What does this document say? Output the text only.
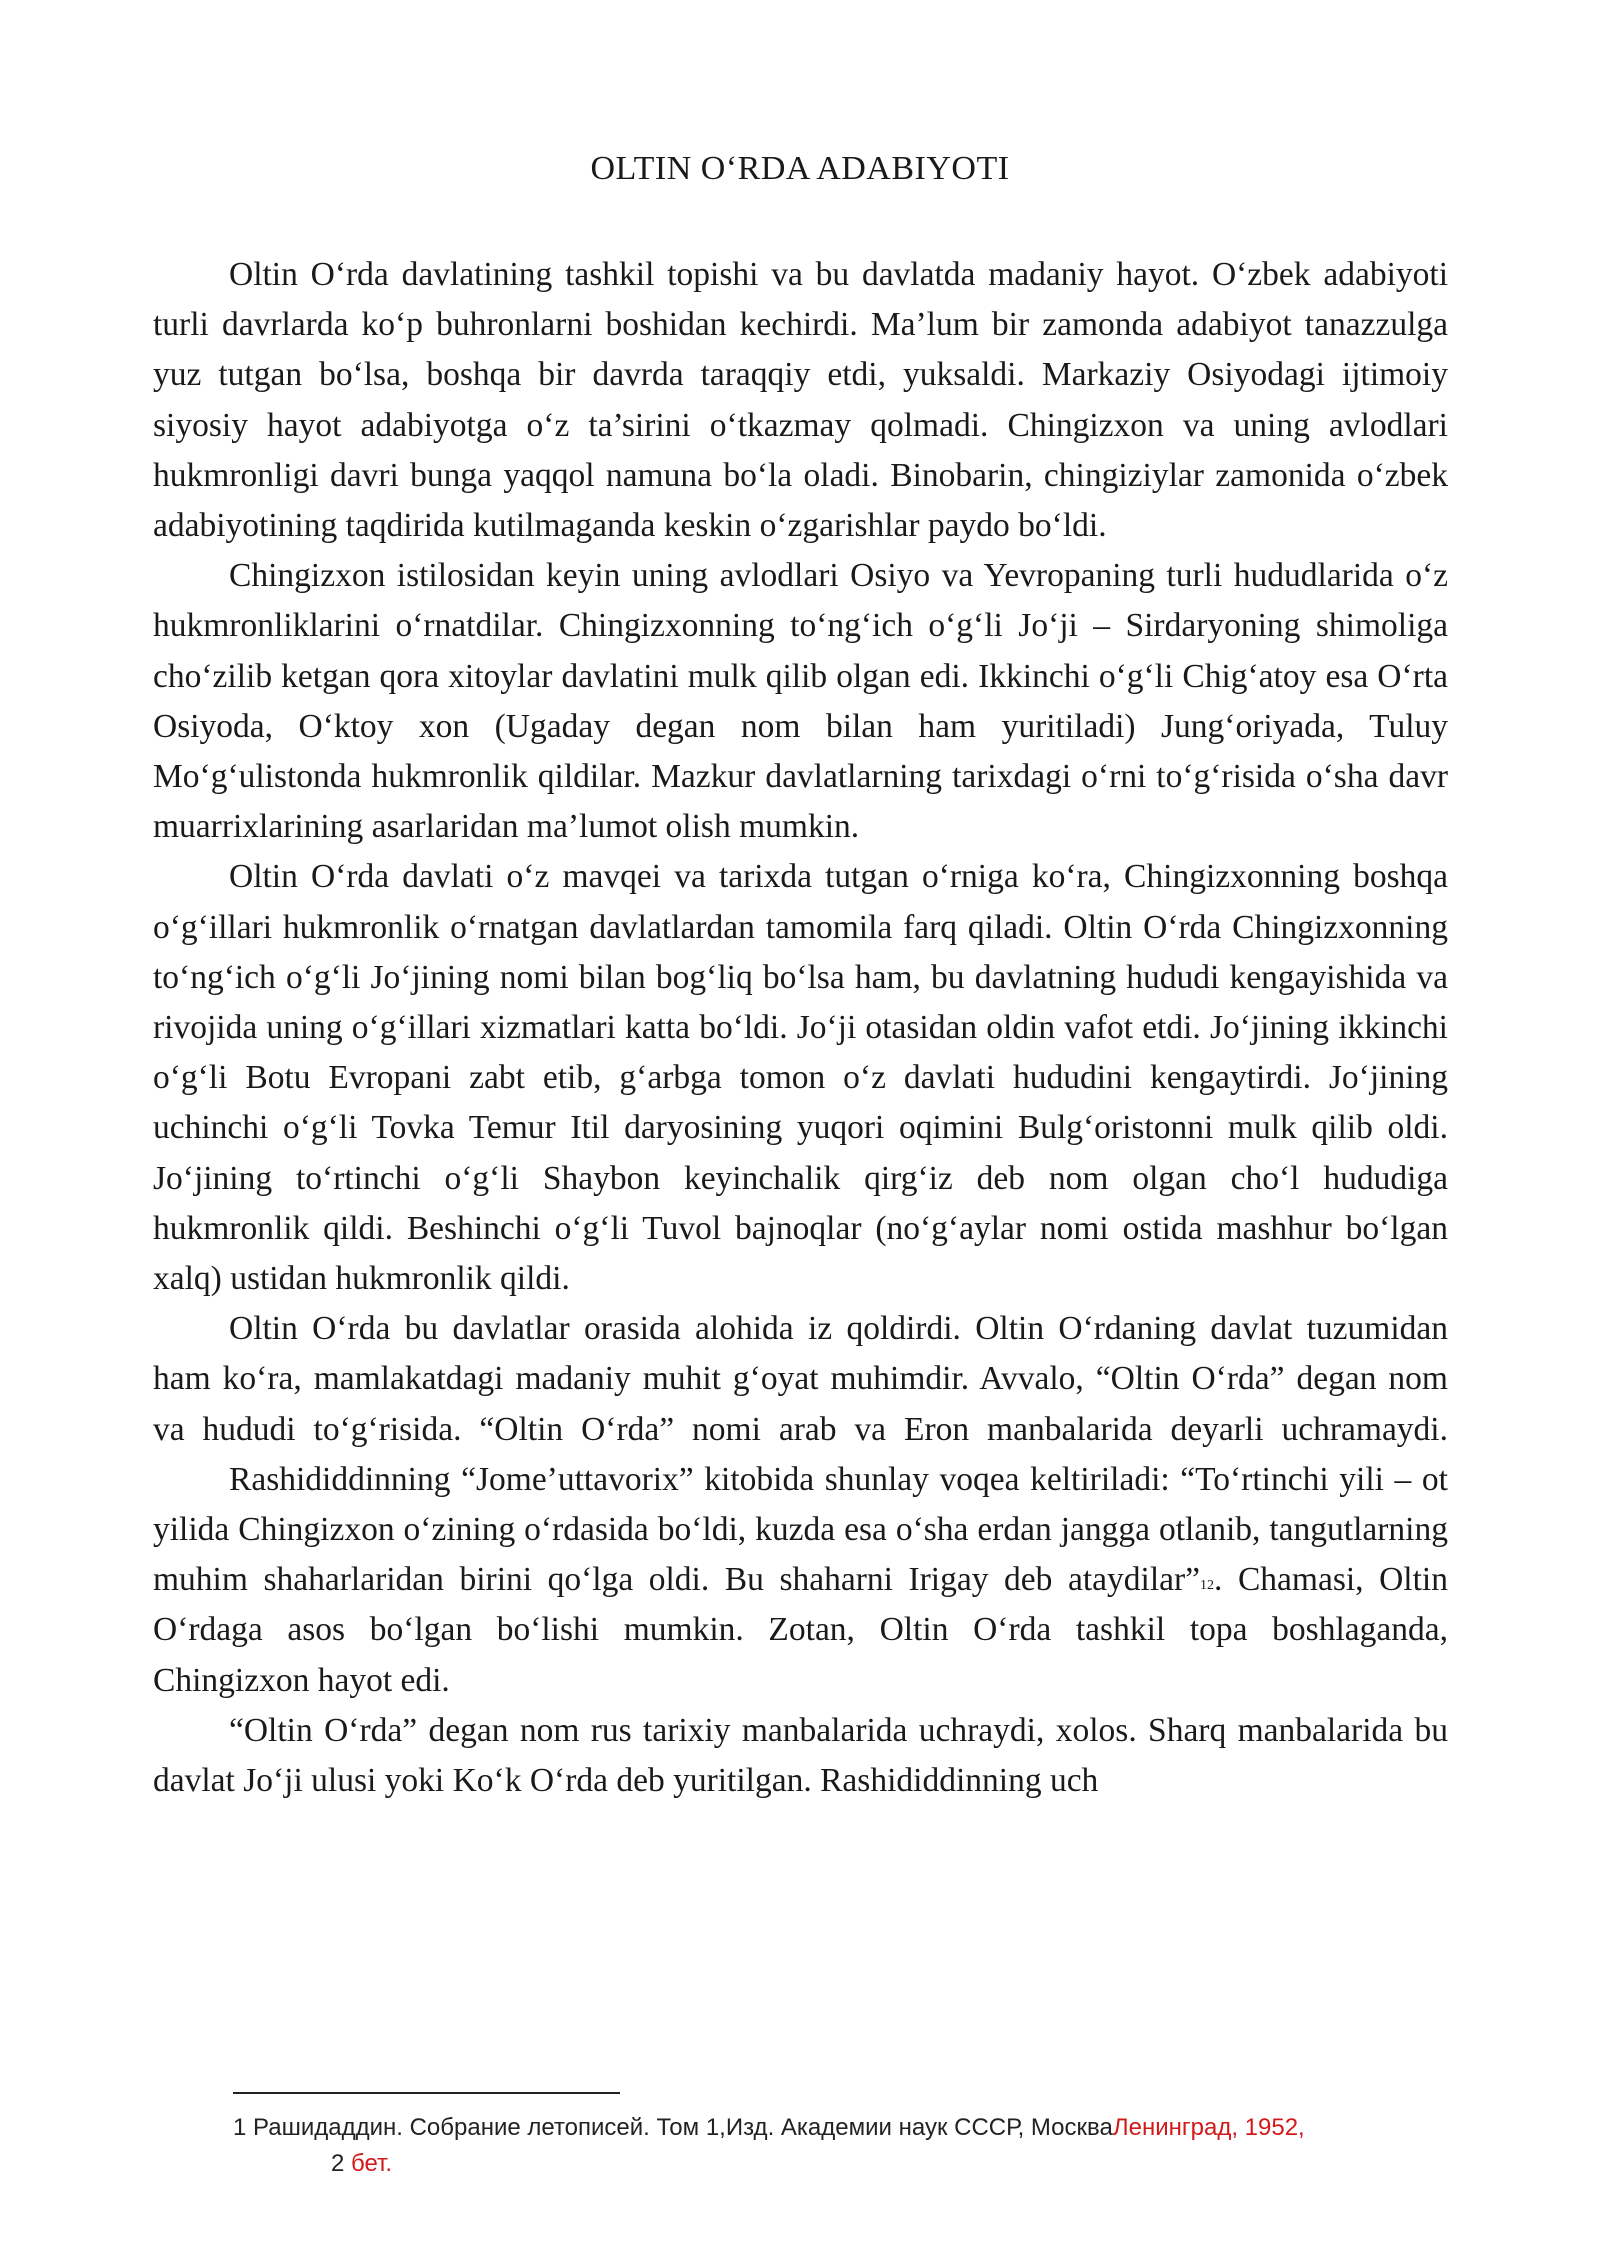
OLTIN O‘RDA ADABIYOTI

Oltin O‘rda davlatining tashkil topishi va bu davlatda madaniy hayot. O‘zbek adabiyoti turli davrlarda ko‘p buhronlarni boshidan kechirdi. Ma’lum bir zamonda adabiyot tanazzulga yuz tutgan bo‘lsa, boshqa bir davrda taraqqiy etdi, yuksaldi. Markaziy Osiyodagi ijtimoiy siyosiy hayot adabiyotga o‘z ta’sirini o‘tkazmay qolmadi. Chingizxon va uning avlodlari hukmronligi davri bunga yaqqol namuna bo‘la oladi. Binobarin, chingiziylar zamonida o‘zbek adabiyotining taqdirida kutilmaganda keskin o‘zgarishlar paydo bo‘ldi.

Chingizxon istilosidan keyin uning avlodlari Osiyo va Yevropaning turli hududlarida o‘z hukmronliklarini o‘rnatdilar. Chingizxonning to‘ng‘ich o‘g‘li Jo‘ji – Sirdaryoning shimoliga cho‘zilib ketgan qora xitoylar davlatini mulk qilib olgan edi. Ikkinchi o‘g‘li Chig‘atoy esa O‘rta Osiyoda, O‘ktoy xon (Ugaday degan nom bilan ham yuritiladi) Jung‘oriyada, Tuluy Mo‘g‘ulistonda hukmronlik qildilar. Mazkur davlatlarning tarixdagi o‘rni to‘g‘risida o‘sha davr muarrixlarining asarlaridan ma’lumot olish mumkin.

Oltin O‘rda davlati o‘z mavqei va tarixda tutgan o‘rniga ko‘ra, Chingizxonning boshqa o‘g‘illari hukmronlik o‘rnatgan davlatlardan tamomila farq qiladi. Oltin O‘rda Chingizxonning to‘ng‘ich o‘g‘li Jo‘jining nomi bilan bog‘liq bo‘lsa ham, bu davlatning hududi kengayishida va rivojida uning o‘g‘illari xizmatlari katta bo‘ldi. Jo‘ji otasidan oldin vafot etdi. Jo‘jining ikkinchi o‘g‘li Botu Evropani zabt etib, g‘arbga tomon o‘z davlati hududini kengaytirdi. Jo‘jining uchinchi o‘g‘li Tovka Temur Itil daryosining yuqori oqimini Bulg‘oristonni mulk qilib oldi. Jo‘jining to‘rtinchi o‘g‘li Shaybon keyinchalik qirg‘iz deb nom olgan cho‘l hududiga hukmronlik qildi. Beshinchi o‘g‘li Tuvol bajnoqlar (no‘g‘aylar nomi ostida mashhur bo‘lgan xalq) ustidan hukmronlik qildi.

Oltin O‘rda bu davlatlar orasida alohida iz qoldirdi. Oltin O‘rdaning davlat tuzumidan ham ko‘ra, mamlakatdagi madaniy muhit g‘oyat muhimdir. Avvalo, “Oltin O‘rda” degan nom va hududi to‘g‘risida. “Oltin O‘rda” nomi arab va Eron manbalarida deyarli uchramaydi.

Rashididdinning “Jome’uttavorix” kitobida shunlay voqea keltiriladi: “To‘rtinchi yili – ot yilida Chingizxon o‘zining o‘rdasida bo‘ldi, kuzda esa o‘sha erdan jangga otlanib, tangutlarning muhim shaharlaridan birini qo‘lga oldi. Bu shaharni Irigay deb ataydilar”$^{12}$. Chamasi, Oltin O‘rdaga asos bo‘lgan bo‘lishi mumkin. Zotan, Oltin O‘rda tashkil topa boshlaganda, Chingizxon hayot edi.

“Oltin O‘rda” degan nom rus tarixiy manbalarida uchraydi, xolos. Sharq manbalarida bu davlat Jo‘ji ulusi yoki Ko‘k O‘rda deb yuritilgan. Rashididdinning uch

1 Рашидаддин. Собрание летописей. Том 1,Изд. Академии наук СССР, МоскваЛенинград, 1952,
2 бет.
